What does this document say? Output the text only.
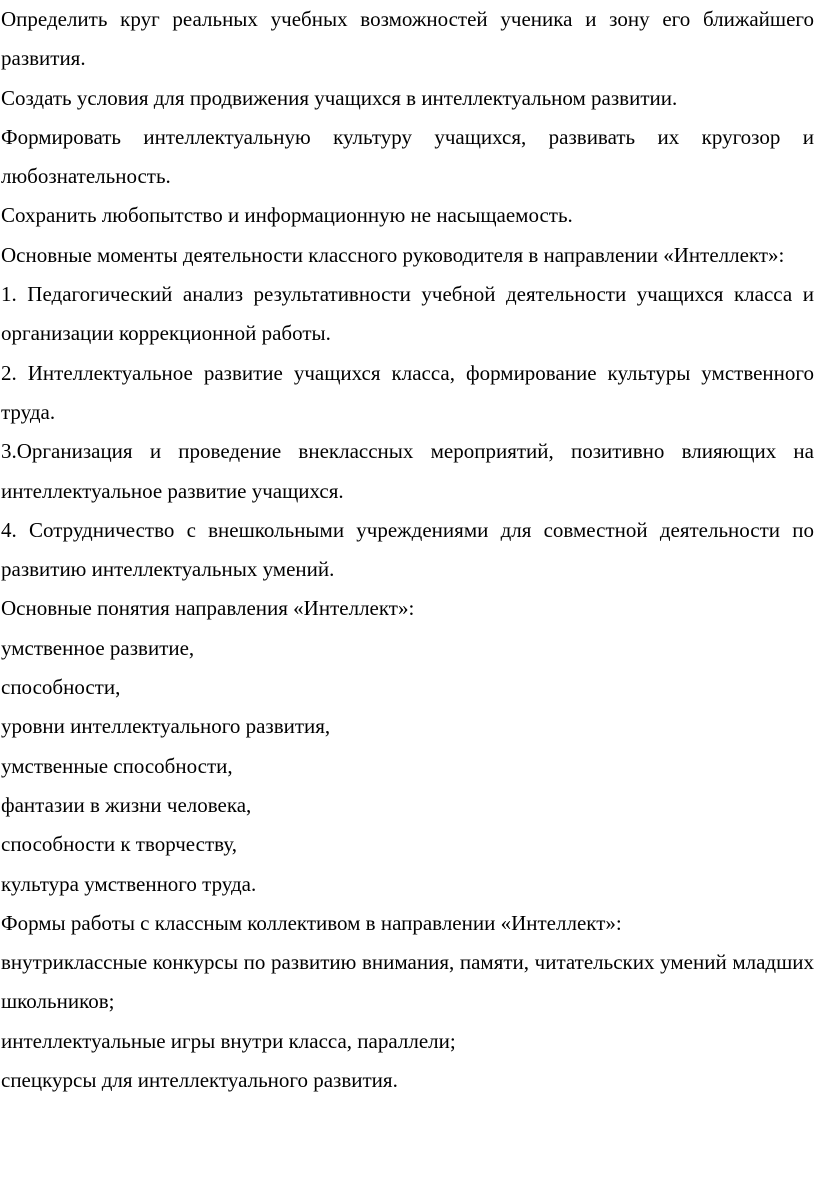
Определить круг реальных учебных возможностей ученика и зону его ближайшего развития.

Создать условия для продвижения учащихся в интеллектуальном развитии.

Формировать интеллектуальную культуру учащихся, развивать их кругозор и любознательность.

Сохранить любопытство и информационную не насыщаемость.

Основные моменты деятельности классного руководителя в направлении «Интеллект»:

1. Педагогический анализ результативности учебной деятельности учащихся класса и организации коррекционной работы.

2. Интеллектуальное развитие учащихся класса, формирование культуры умственного труда.

3.Организация и проведение внеклассных мероприятий, позитивно влияющих на интеллектуальное развитие учащихся.

4. Сотрудничество с внешкольными учреждениями для совместной деятельности по развитию интеллектуальных умений.

Основные понятия направления «Интеллект»:

умственное развитие,

способности,

уровни интеллектуального развития,

умственные способности,

фантазии в жизни человека,

способности к творчеству,

культура умственного труда.

Формы работы с классным коллективом в направлении «Интеллект»:

внутриклассные конкурсы по развитию внимания, памяти, читательских умений младших школьников;

интеллектуальные игры внутри класса, параллели;

спецкурсы для интеллектуального развития.
